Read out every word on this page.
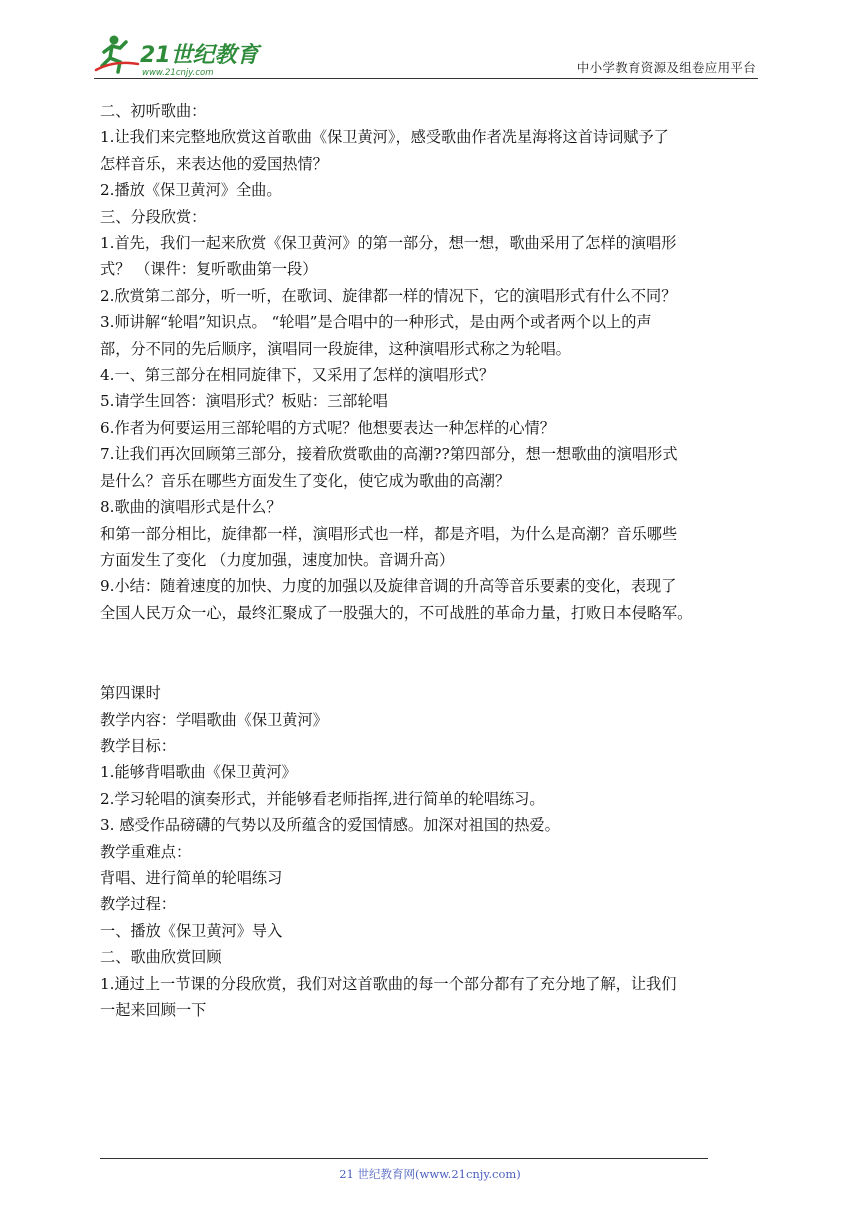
21世纪教育
www.21cnjy.com	中小学教育资源及组卷应用平台

二、初听歌曲：

1.让我们来完整地欣赏这首歌曲《保卫黄河》，感受歌曲作者冼星海将这首诗词赋予了

怎样音乐，来表达他的爱国热情？

2.播放《保卫黄河》全曲。

三、分段欣赏：

1.首先，我们一起来欣赏《保卫黄河》的第一部分，想一想，歌曲采用了怎样的演唱形

式？ （课件：复听歌曲第一段）

2.欣赏第二部分，听一听，在歌词、旋律都一样的情况下，它的演唱形式有什么不同？

3.师讲解“轮唱”知识点。 “轮唱”是合唱中的一种形式，是由两个或者两个以上的声

部，分不同的先后顺序，演唱同一段旋律，这种演唱形式称之为轮唱。

4.一、第三部分在相同旋律下，又采用了怎样的演唱形式？

5.请学生回答：演唱形式？板贴：三部轮唱

6.作者为何要运用三部轮唱的方式呢？他想要表达一种怎样的心情？

7.让我们再次回顾第三部分，接着欣赏歌曲的高潮??第四部分，想一想歌曲的演唱形式

是什么？音乐在哪些方面发生了变化，使它成为歌曲的高潮？

8.歌曲的演唱形式是什么？

和第一部分相比，旋律都一样，演唱形式也一样，都是齐唱，为什么是高潮？音乐哪些

方面发生了变化 （力度加强，速度加快。音调升高）

9.小结：随着速度的加快、力度的加强以及旋律音调的升高等音乐要素的变化，表现了

全国人民万众一心，最终汇聚成了一股强大的，不可战胜的革命力量，打败日本侵略军。

第四课时

教学内容：学唱歌曲《保卫黄河》

教学目标：

1.能够背唱歌曲《保卫黄河》

2.学习轮唱的演奏形式，并能够看老师指挥,进行简单的轮唱练习。

3. 感受作品磅礴的气势以及所蕴含的爱国情感。加深对祖国的热爱。

教学重难点：

背唱、进行简单的轮唱练习

教学过程：

一、播放《保卫黄河》导入

二、歌曲欣赏回顾

1.通过上一节课的分段欣赏，我们对这首歌曲的每一个部分都有了充分地了解，让我们

一起来回顾一下

21 世纪教育网(www.21cnjy.com)
